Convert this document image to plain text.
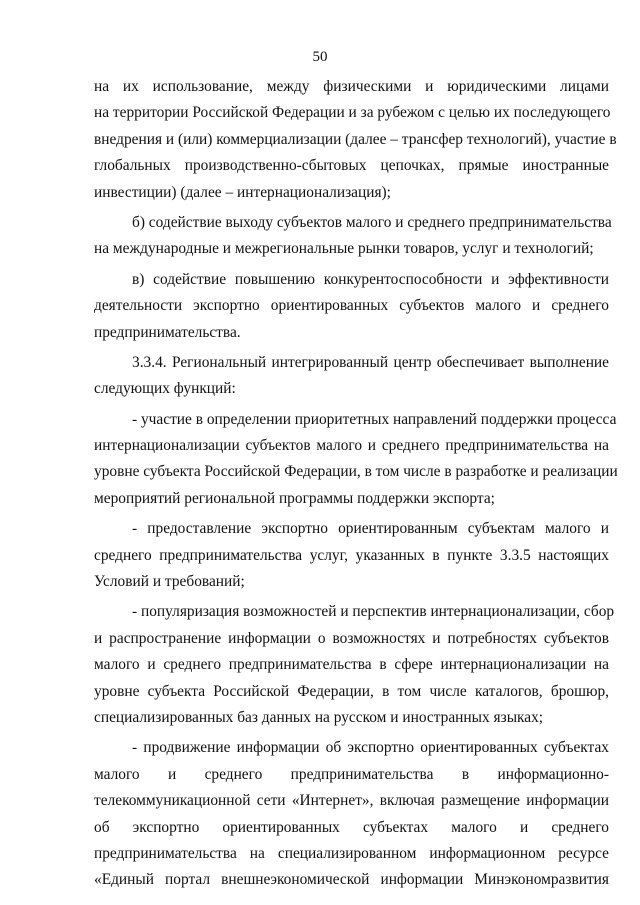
50
на их использование, между физическими и юридическими лицами
на территории Российской Федерации и за рубежом с целью их последующего
внедрения и (или) коммерциализации (далее – трансфер технологий), участие в
глобальных производственно-сбытовых цепочках, прямые иностранные
инвестиции) (далее – интернационализация);
б) содействие выходу субъектов малого и среднего предпринимательства
на международные и межрегиональные рынки товаров, услуг и технологий;
в) содействие повышению конкурентоспособности и эффективности
деятельности экспортно ориентированных субъектов малого и среднего
предпринимательства.
3.3.4. Региональный интегрированный центр обеспечивает выполнение
следующих функций:
- участие в определении приоритетных направлений поддержки процесса
интернационализации субъектов малого и среднего предпринимательства на
уровне субъекта Российской Федерации, в том числе в разработке и реализации
мероприятий региональной программы поддержки экспорта;
- предоставление экспортно ориентированным субъектам малого и
среднего предпринимательства услуг, указанных в пункте 3.3.5 настоящих
Условий и требований;
- популяризация возможностей и перспектив интернационализации, сбор
и распространение информации о возможностях и потребностях субъектов
малого и среднего предпринимательства в сфере интернационализации на
уровне субъекта Российской Федерации, в том числе каталогов, брошюр,
специализированных баз данных на русском и иностранных языках;
- продвижение информации об экспортно ориентированных субъектах
малого и среднего предпринимательства в информационно-
телекоммуникационной сети «Интернет», включая размещение информации
об экспортно ориентированных субъектах малого и среднего
предпринимательства на специализированном информационном ресурсе
«Единый портал внешнеэкономической информации Минэкономразвития
